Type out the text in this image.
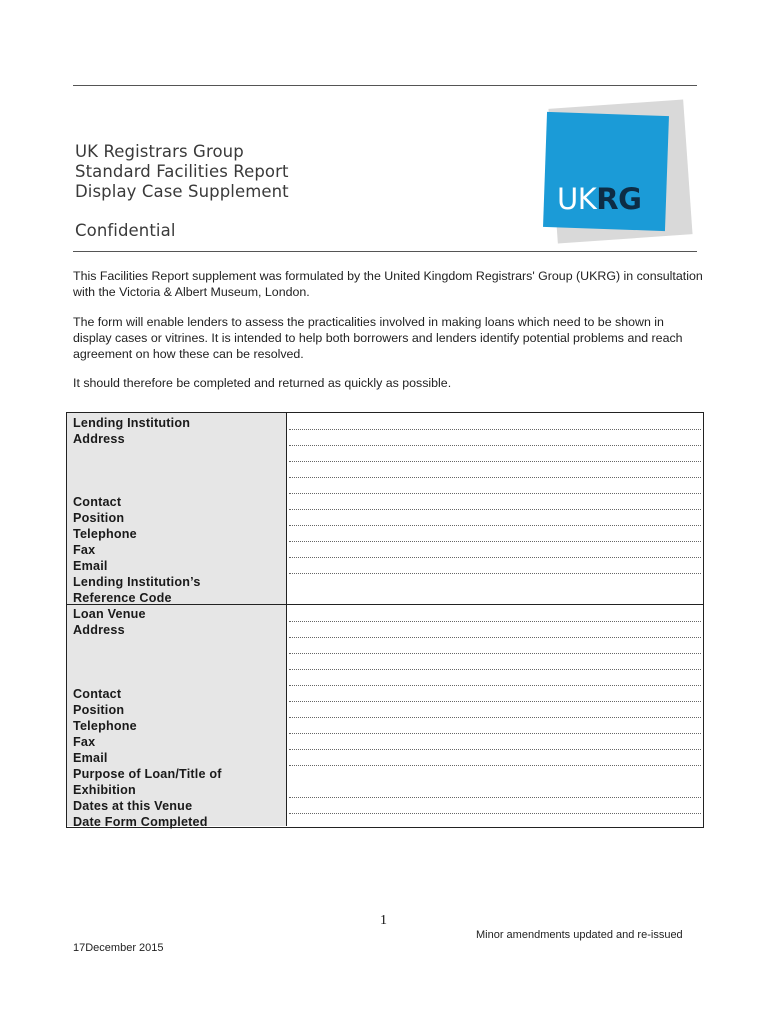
UK Registrars Group
Standard Facilities Report
Display Case Supplement
Confidential
UKRG
This Facilities Report supplement was formulated by the United Kingdom Registrars' Group (UKRG) in consultation with the Victoria & Albert Museum, London.
The form will enable lenders to assess the practicalities involved in making loans which need to be shown in display cases or vitrines. It is intended to help both borrowers and lenders identify potential problems and reach agreement on how these can be resolved.
It should therefore be completed and returned as quickly as possible.
Lending Institution
Address
Contact
Position
Telephone
Fax
Email
Lending Institution’s
Reference Code
Loan Venue
Address
Contact
Position
Telephone
Fax
Email
Purpose of Loan/Title of
Exhibition
Dates at this Venue
Date Form Completed
1
Minor amendments updated and re-issued
17December 2015
